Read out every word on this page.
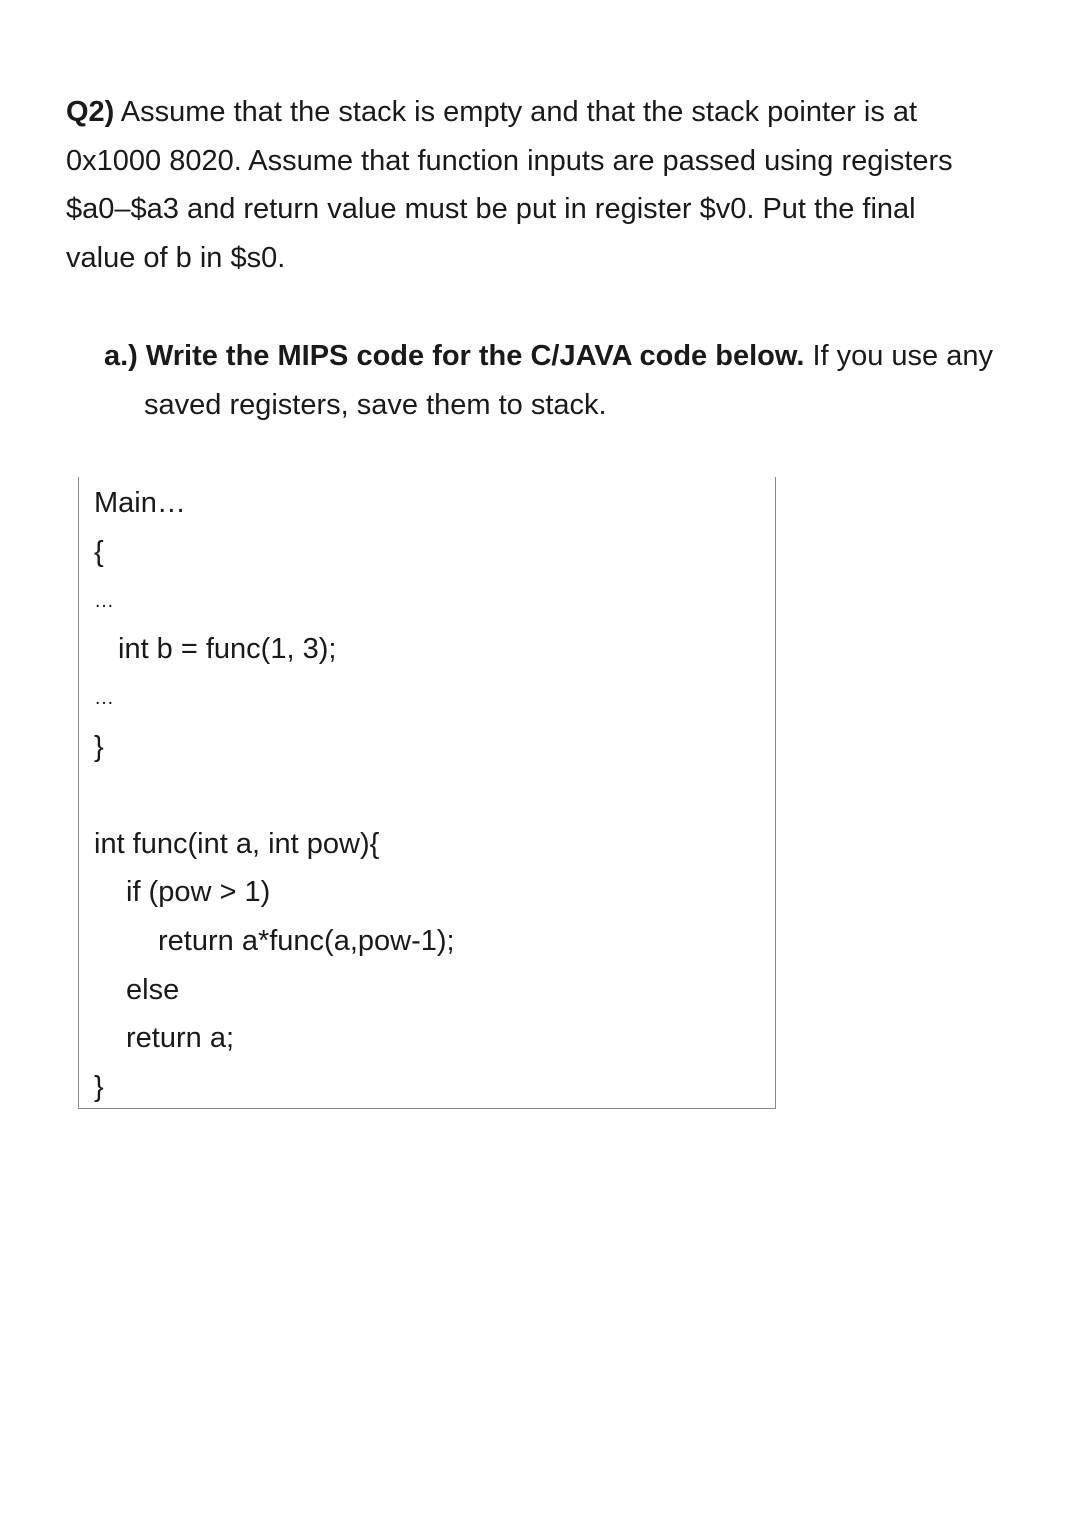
Q2) Assume that the stack is empty and that the stack pointer is at
0x1000 8020. Assume that function inputs are passed using registers
$a0–$a3 and return value must be put in register $v0. Put the final
value of b in $s0.
a.) Write the MIPS code for the C/JAVA code below. If you use any
saved registers, save them to stack.
Main…
{
…
int b = func(1, 3);
…
}
int func(int a, int pow){
if (pow > 1)
return a*func(a,pow-1);
else
return a;
}
